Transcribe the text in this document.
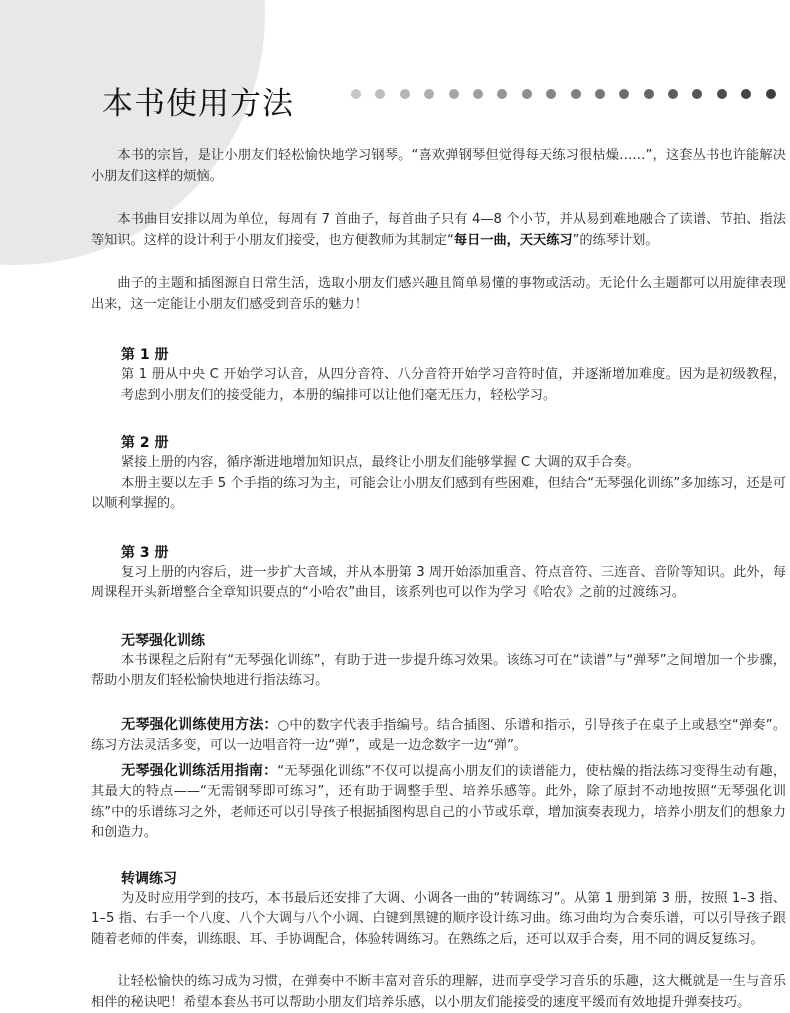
本书使用方法

本书的宗旨，是让小朋友们轻松愉快地学习钢琴。“喜欢弹钢琴但觉得每天练习很枯燥……”，这套丛书也许能解决小朋友们这样的烦恼。

本书曲目安排以周为单位，每周有 7 首曲子，每首曲子只有 4—8 个小节，并从易到难地融合了读谱、节拍、指法等知识。这样的设计利于小朋友们接受，也方便教师为其制定“每日一曲，天天练习”的练琴计划。

曲子的主题和插图源自日常生活，选取小朋友们感兴趣且简单易懂的事物或活动。无论什么主题都可以用旋律表现出来，这一定能让小朋友们感受到音乐的魅力！

第 1 册

第 1 册从中央 C 开始学习认音，从四分音符、八分音符开始学习音符时值，并逐渐增加难度。因为是初级教程，考虑到小朋友们的接受能力，本册的编排可以让他们毫无压力，轻松学习。

第 2 册

紧接上册的内容，循序渐进地增加知识点，最终让小朋友们能够掌握 C 大调的双手合奏。

本册主要以左手 5 个手指的练习为主，可能会让小朋友们感到有些困难，但结合“无琴强化训练”多加练习，还是可以顺利掌握的。

第 3 册

复习上册的内容后，进一步扩大音域，并从本册第 3 周开始添加重音、符点音符、三连音、音阶等知识。此外，每周课程开头新增整合全章知识要点的“小哈农”曲目，该系列也可以作为学习《哈农》之前的过渡练习。

无琴强化训练

本书课程之后附有“无琴强化训练”，有助于进一步提升练习效果。该练习可在“读谱”与“弹琴”之间增加一个步骤，帮助小朋友们轻松愉快地进行指法练习。

无琴强化训练使用方法：○中的数字代表手指编号。结合插图、乐谱和指示，引导孩子在桌子上或悬空“弹奏”。练习方法灵活多变，可以一边唱音符一边“弹”，或是一边念数字一边“弹”。

无琴强化训练活用指南：“无琴强化训练”不仅可以提高小朋友们的读谱能力，使枯燥的指法练习变得生动有趣，其最大的特点——“无需钢琴即可练习”，还有助于调整手型、培养乐感等。此外，除了原封不动地按照“无琴强化训练”中的乐谱练习之外，老师还可以引导孩子根据插图构思自己的小节或乐章，增加演奏表现力，培养小朋友们的想象力和创造力。

转调练习

为及时应用学到的技巧，本书最后还安排了大调、小调各一曲的“转调练习”。从第 1 册到第 3 册，按照 1–3 指、1–5 指、右手一个八度、八个大调与八个小调、白键到黑键的顺序设计练习曲。练习曲均为合奏乐谱，可以引导孩子跟随着老师的伴奏，训练眼、耳、手协调配合，体验转调练习。在熟练之后，还可以双手合奏，用不同的调反复练习。

让轻松愉快的练习成为习惯，在弹奏中不断丰富对音乐的理解，进而享受学习音乐的乐趣，这大概就是一生与音乐相伴的秘诀吧！希望本套丛书可以帮助小朋友们培养乐感，以小朋友们能接受的速度平缓而有效地提升弹奏技巧。
